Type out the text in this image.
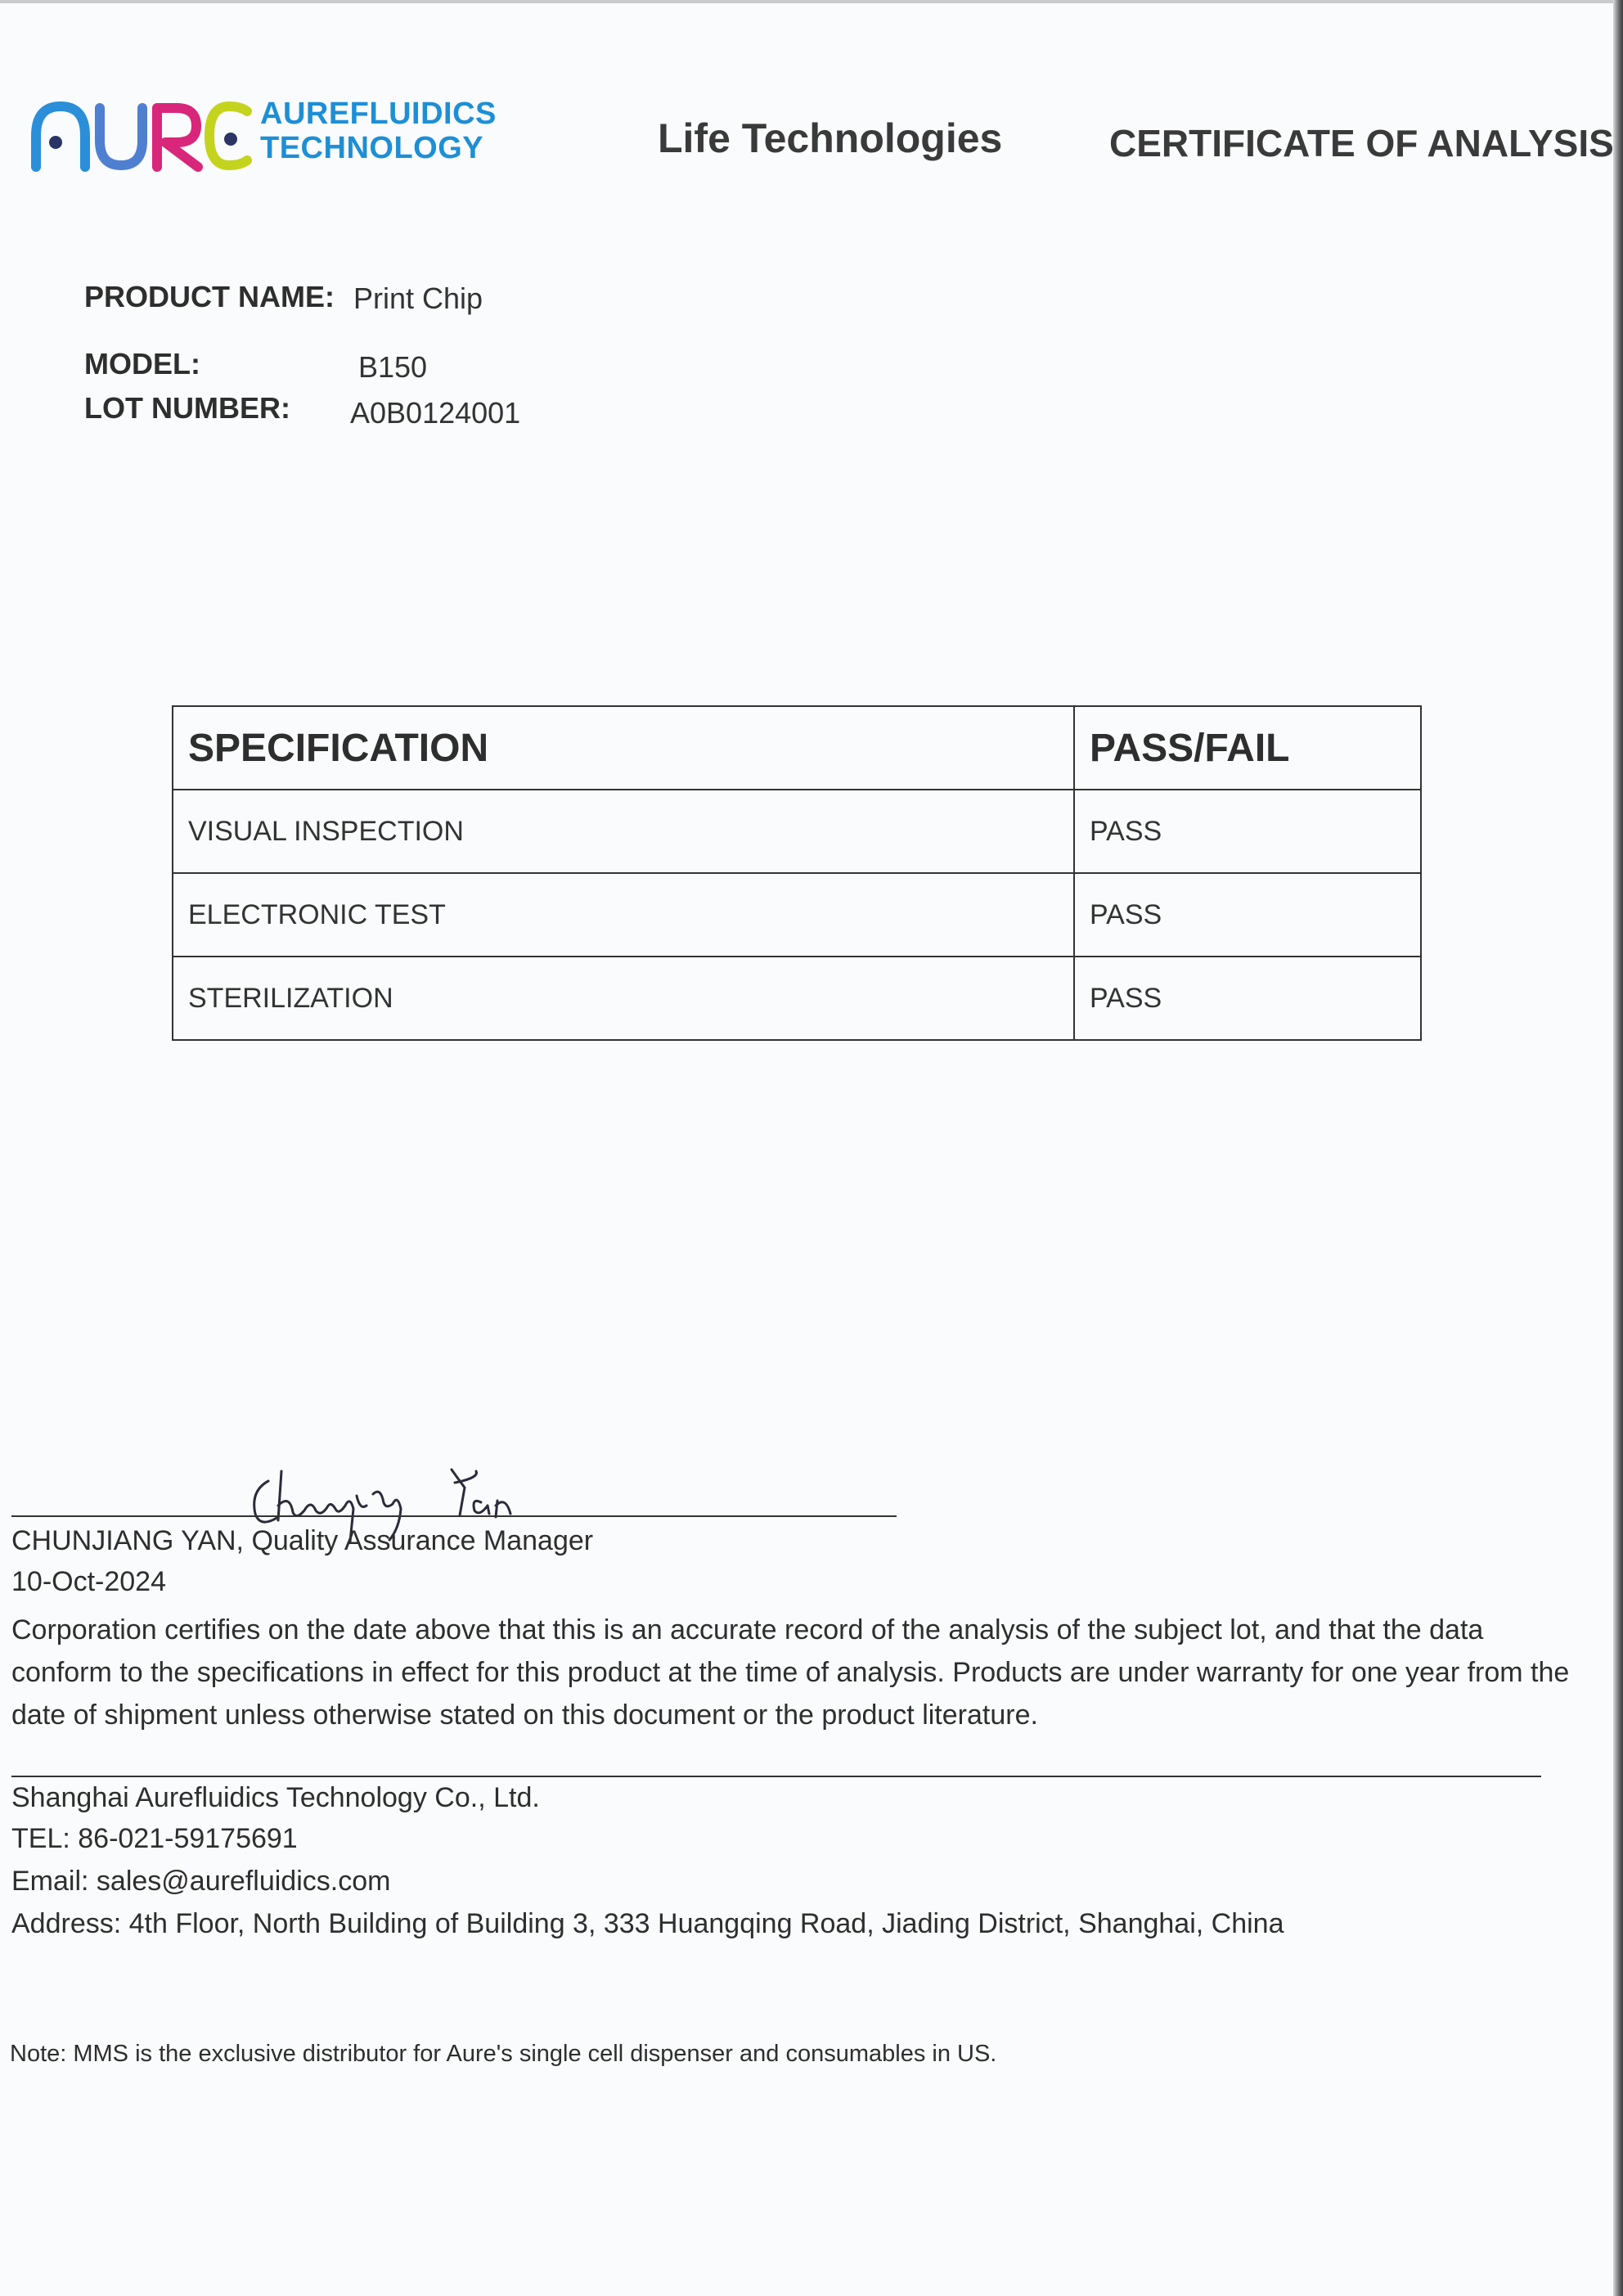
AUREFLUIDICS
TECHNOLOGY	Life Technologies	CERTIFICATE OF ANALYSIS
PRODUCT NAME: Print Chip
MODEL:	B150
LOT NUMBER: A0B0124001
SPECIFICATION	PASS/FAIL
VISUAL INSPECTION	PASS
ELECTRONIC TEST	PASS
STERILIZATION	PASS
CHUNJIANG YAN, Quality Assurance Manager
10-Oct-2024
Corporation certifies on the date above that this is an accurate record of the analysis of the subject lot, and that the data conform to the specifications in effect for this product at the time of analysis. Products are under warranty for one year from the date of shipment unless otherwise stated on this document or the product literature.
Shanghai Aurefluidics Technology Co., Ltd.
TEL: 86-021-59175691
Email: sales@aurefluidics.com
Address: 4th Floor, North Building of Building 3, 333 Huangqing Road, Jiading District, Shanghai, China
Note: MMS is the exclusive distributor for Aure's single cell dispenser and consumables in US.
